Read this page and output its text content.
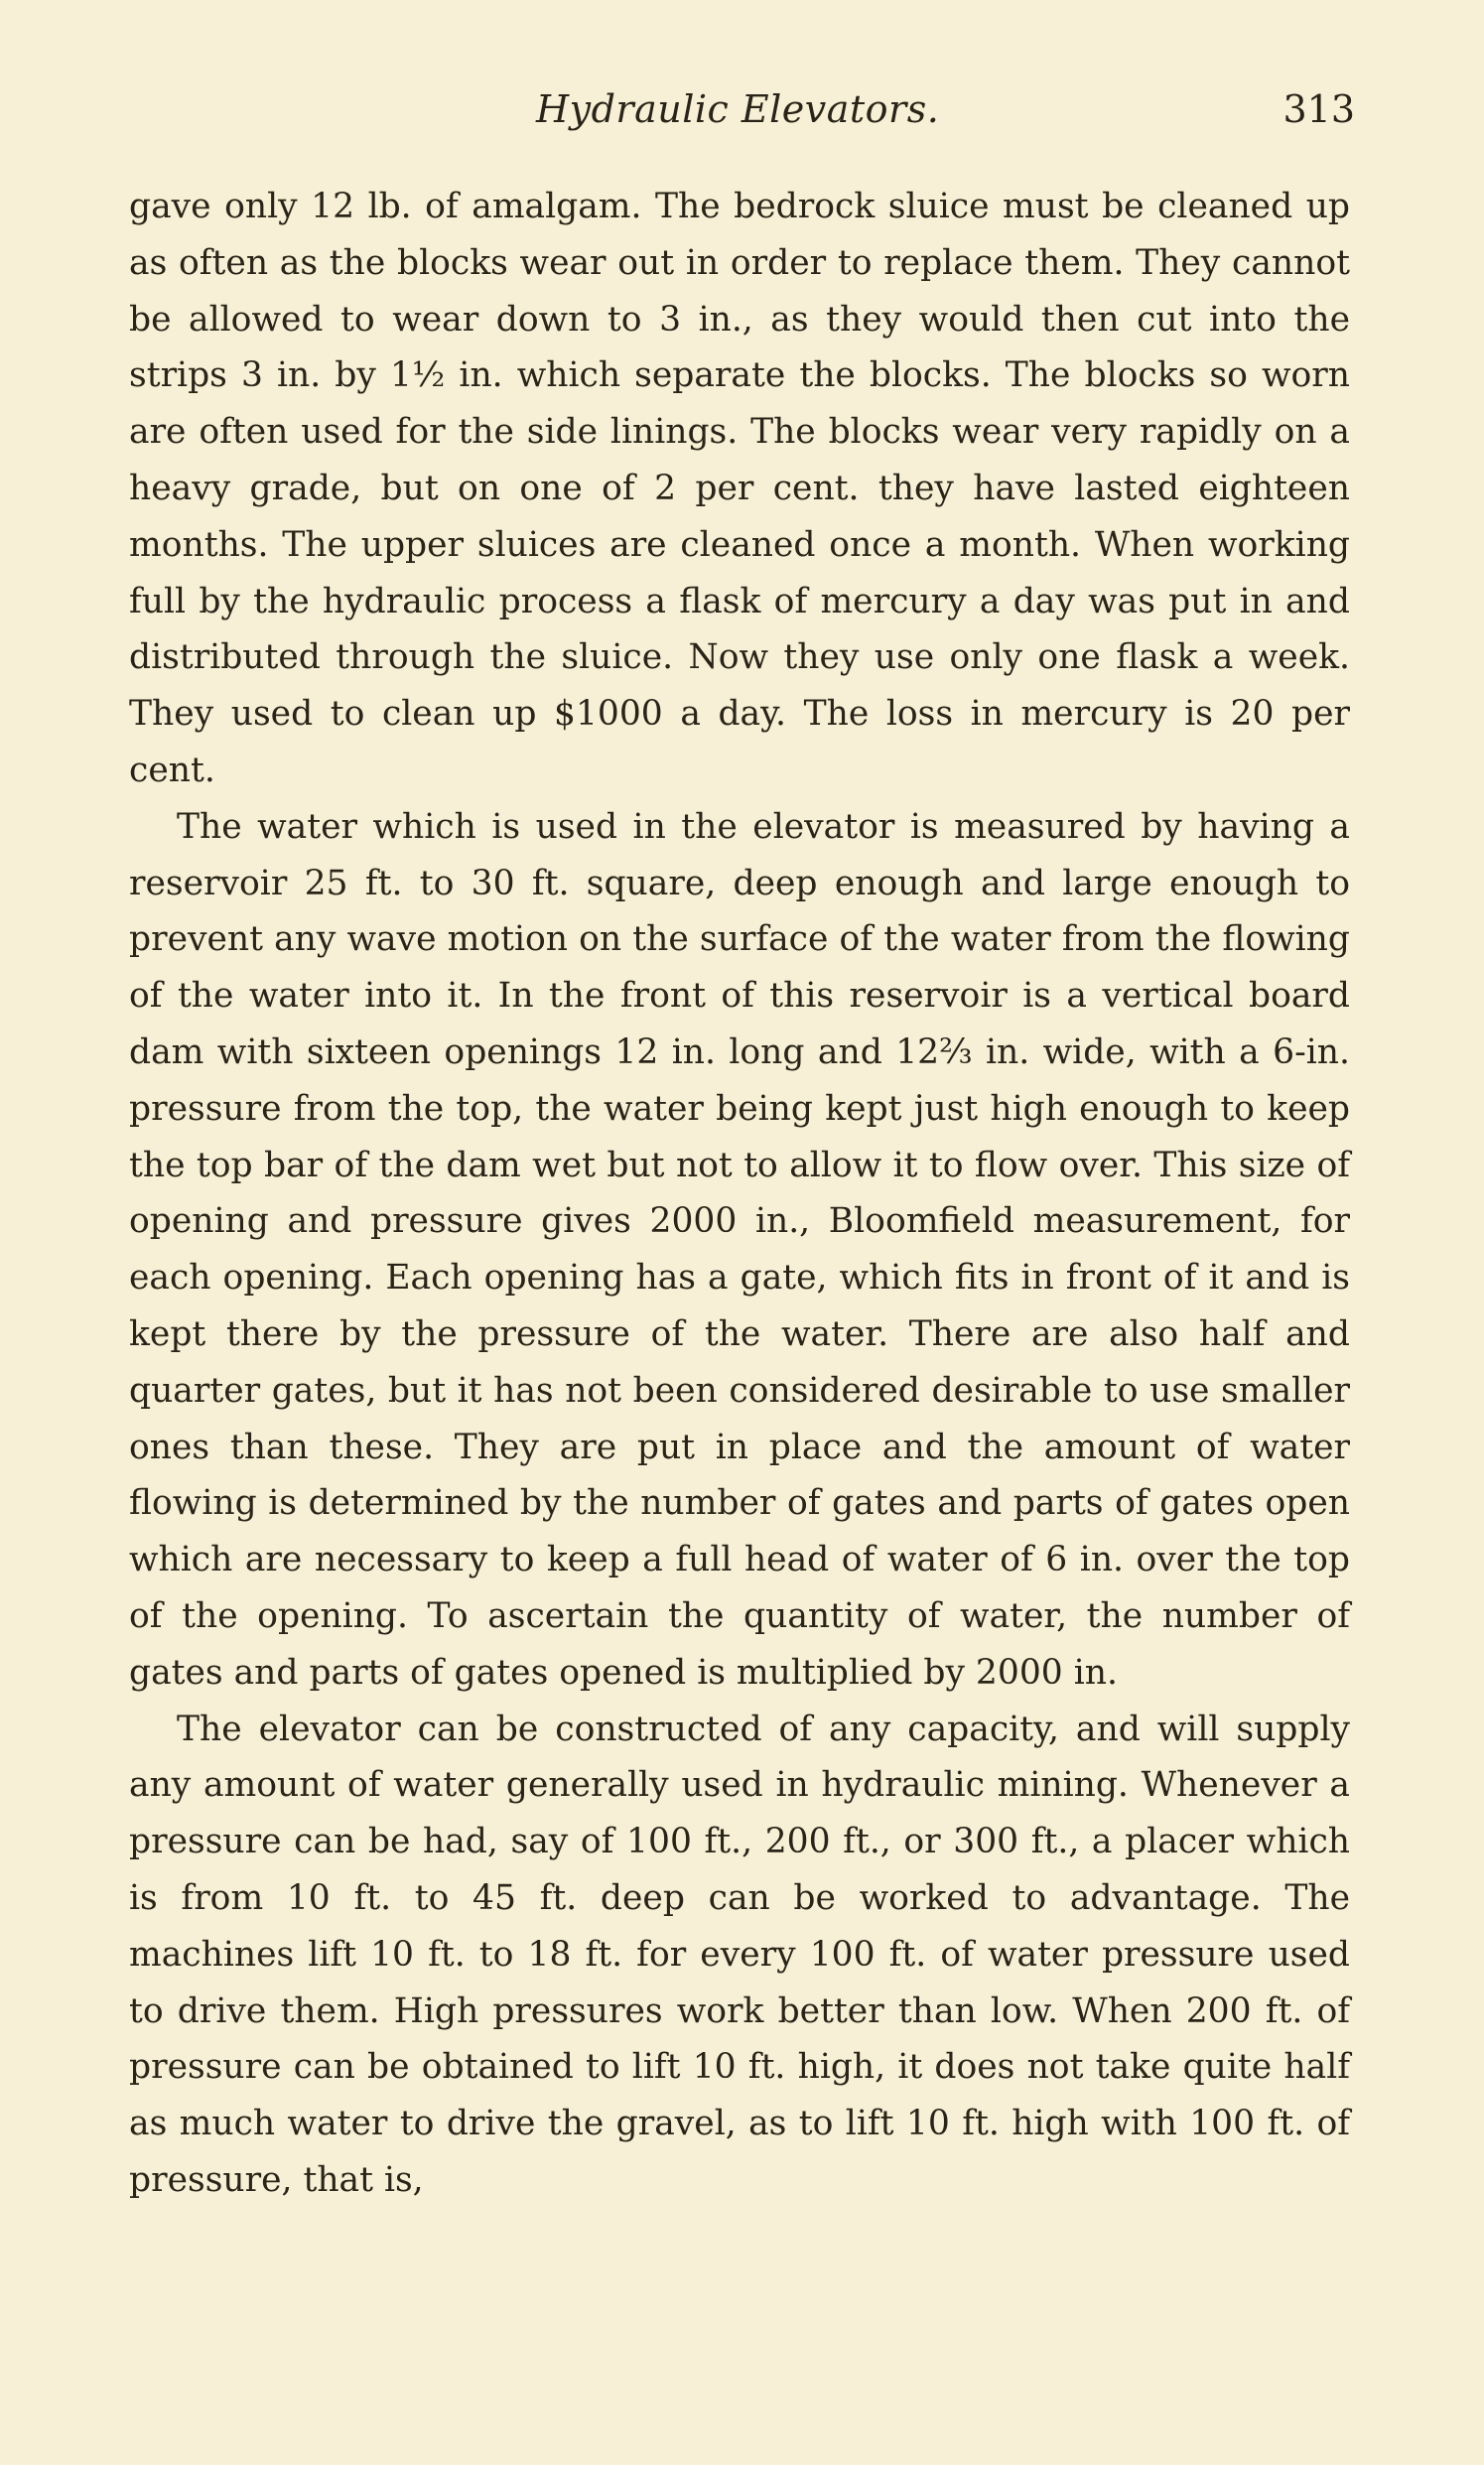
Hydraulic Elevators.	313

gave only 12 lb. of amalgam. The bedrock sluice must be cleaned up as often as the blocks wear out in order to replace them. They cannot be allowed to wear down to 3 in., as they would then cut into the strips 3 in. by 1½ in. which separate the blocks. The blocks so worn are often used for the side linings. The blocks wear very rapidly on a heavy grade, but on one of 2 per cent. they have lasted eighteen months. The upper sluices are cleaned once a month. When working full by the hydraulic process a flask of mercury a day was put in and distributed through the sluice. Now they use only one flask a week. They used to clean up $1000 a day. The loss in mercury is 20 per cent.

The water which is used in the elevator is measured by having a reservoir 25 ft. to 30 ft. square, deep enough and large enough to prevent any wave motion on the surface of the water from the flowing of the water into it. In the front of this reservoir is a vertical board dam with sixteen openings 12 in. long and 12⅔ in. wide, with a 6-in. pressure from the top, the water being kept just high enough to keep the top bar of the dam wet but not to allow it to flow over. This size of opening and pressure gives 2000 in., Bloomfield measurement, for each opening. Each opening has a gate, which fits in front of it and is kept there by the pressure of the water. There are also half and quarter gates, but it has not been considered desirable to use smaller ones than these. They are put in place and the amount of water flowing is determined by the number of gates and parts of gates open which are necessary to keep a full head of water of 6 in. over the top of the opening. To ascertain the quantity of water, the number of gates and parts of gates opened is multiplied by 2000 in.

The elevator can be constructed of any capacity, and will supply any amount of water generally used in hydraulic mining. Whenever a pressure can be had, say of 100 ft., 200 ft., or 300 ft., a placer which is from 10 ft. to 45 ft. deep can be worked to advantage. The machines lift 10 ft. to 18 ft. for every 100 ft. of water pressure used to drive them. High pressures work better than low. When 200 ft. of pressure can be obtained to lift 10 ft. high, it does not take quite half as much water to drive the gravel, as to lift 10 ft. high with 100 ft. of pressure, that is,
